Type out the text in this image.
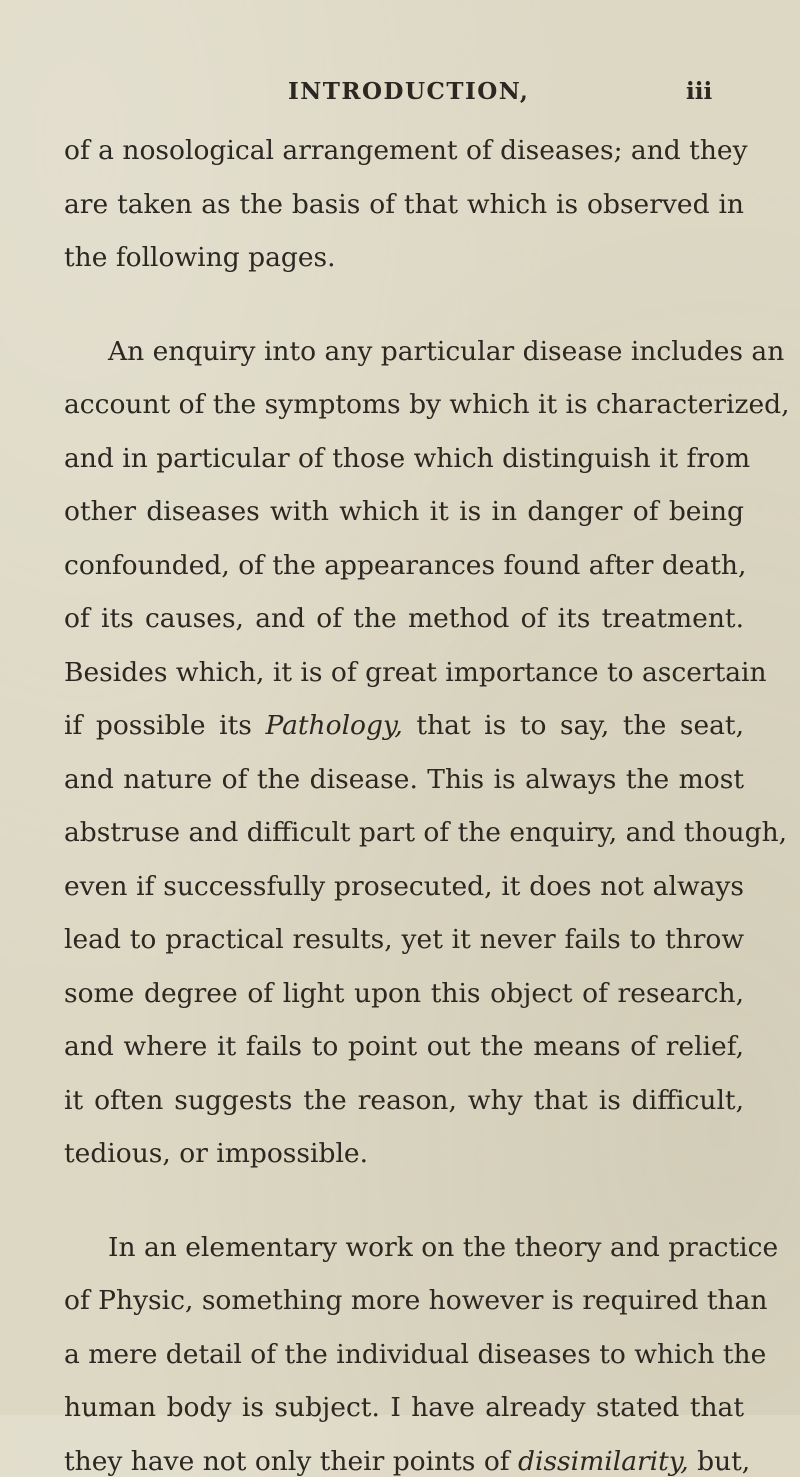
INTRODUCTION,	iii
of a nosological arrangement of diseases; and they
are taken as the basis of that which is observed in
the following pages.
An enquiry into any particular disease includes an
account of the symptoms by which it is characterized,
and in particular of those which distinguish it from
other diseases with which it is in danger of being
confounded, of the appearances found after death,
of its causes, and of the method of its treatment.
Besides which, it is of great importance to ascertain
if possible its Pathology, that is to say, the seat,
and nature of the disease. This is always the most
abstruse and difficult part of the enquiry, and though,
even if successfully prosecuted, it does not always
lead to practical results, yet it never fails to throw
some degree of light upon this object of research,
and where it fails to point out the means of relief,
it often suggests the reason, why that is difficult,
tedious, or impossible.
In an elementary work on the theory and practice
of Physic, something more however is required than
a mere detail of the individual diseases to which the
human body is subject. I have already stated that
they have not only their points of dissimilarity, but,
